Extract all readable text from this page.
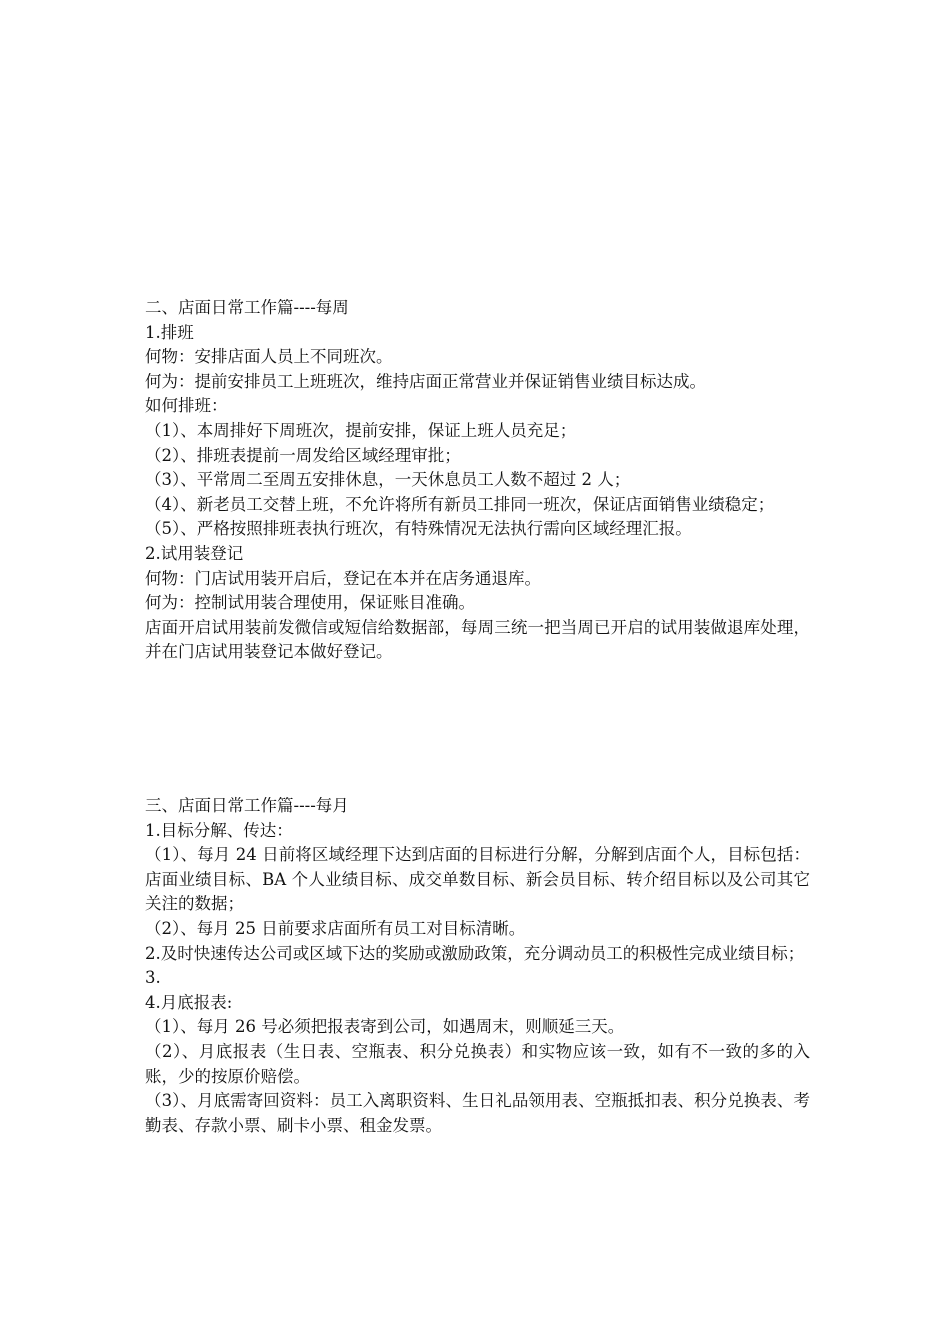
二、店面日常工作篇----每周

1.排班

何物：安排店面人员上不同班次。

何为：提前安排员工上班班次，维持店面正常营业并保证销售业绩目标达成。

如何排班：

（1）、本周排好下周班次，提前安排，保证上班人员充足；

（2）、排班表提前一周发给区域经理审批；

（3）、平常周二至周五安排休息，一天休息员工人数不超过 2 人；

（4）、新老员工交替上班，不允许将所有新员工排同一班次，保证店面销售业绩稳定；

（5）、严格按照排班表执行班次，有特殊情况无法执行需向区域经理汇报。

2.试用装登记

何物：门店试用装开启后，登记在本并在店务通退库。

何为：控制试用装合理使用，保证账目准确。

店面开启试用装前发微信或短信给数据部，每周三统一把当周已开启的试用装做退库处理，并在门店试用装登记本做好登记。

三、店面日常工作篇----每月

1.目标分解、传达：

（1）、每月 24 日前将区域经理下达到店面的目标进行分解，分解到店面个人，目标包括：店面业绩目标、BA 个人业绩目标、成交单数目标、新会员目标、转介绍目标以及公司其它关注的数据；

（2）、每月 25 日前要求店面所有员工对目标清晰。

2.及时快速传达公司或区域下达的奖励或激励政策，充分调动员工的积极性完成业绩目标；

3.

4.月底报表:

（1）、每月 26 号必须把报表寄到公司，如遇周末，则顺延三天。

（2）、月底报表（生日表、空瓶表、积分兑换表）和实物应该一致，如有不一致的多的入账，少的按原价赔偿。

（3）、月底需寄回资料：员工入离职资料、生日礼品领用表、空瓶抵扣表、积分兑换表、考勤表、存款小票、刷卡小票、租金发票。
